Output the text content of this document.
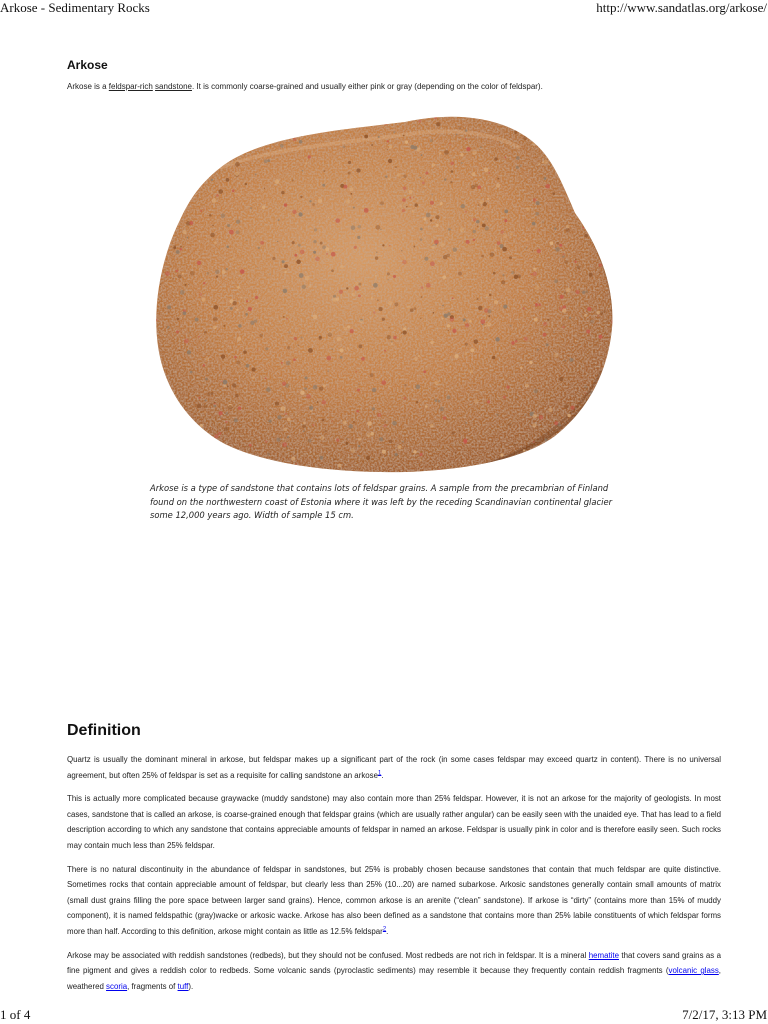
Arkose - Sedimentary Rocks	http://www.sandatlas.org/arkose/
Arkose

Arkose is a feldspar-rich sandstone. It is commonly coarse-grained and usually either pink or gray (depending on the color of feldspar).

Arkose is a type of sandstone that contains lots of feldspar grains. A sample from the precambrian of Finland found on the northwestern coast of Estonia where it was left by the receding Scandinavian continental glacier some 12,000 years ago. Width of sample 15 cm.

Definition

Quartz is usually the dominant mineral in arkose, but feldspar makes up a significant part of the rock (in some cases feldspar may exceed quartz in content). There is no universal agreement, but often 25% of feldspar is set as a requisite for calling sandstone an arkose$^1$.

This is actually more complicated because graywacke (muddy sandstone) may also contain more than 25% feldspar. However, it is not an arkose for the majority of geologists. In most cases, sandstone that is called an arkose, is coarse-grained enough that feldspar grains (which are usually rather angular) can be easily seen with the unaided eye. That has lead to a field description according to which any sandstone that contains appreciable amounts of feldspar in named an arkose. Feldspar is usually pink in color and is therefore easily seen. Such rocks may contain much less than 25% feldspar.

There is no natural discontinuity in the abundance of feldspar in sandstones, but 25% is probably chosen because sandstones that contain that much feldspar are quite distinctive. Sometimes rocks that contain appreciable amount of feldspar, but clearly less than 25% (10...20) are named subarkose. Arkosic sandstones generally contain small amounts of matrix (small dust grains filling the pore space between larger sand grains). Hence, common arkose is an arenite (“clean” sandstone). If arkose is “dirty” (contains more than 15% of muddy component), it is named feldspathic (gray)wacke or arkosic wacke. Arkose has also been defined as a sandstone that contains more than 25% labile constituents of which feldspar forms more than half. According to this definition, arkose might contain as little as 12.5% feldspar$^2$.

Arkose may be associated with reddish sandstones (redbeds), but they should not be confused. Most redbeds are not rich in feldspar. It is a mineral hematite that covers sand grains as a fine pigment and gives a reddish color to redbeds. Some volcanic sands (pyroclastic sediments) may resemble it because they frequently contain reddish fragments (volcanic glass, weathered scoria, fragments of tuff).

1 of 4	7/2/17, 3:13 PM
